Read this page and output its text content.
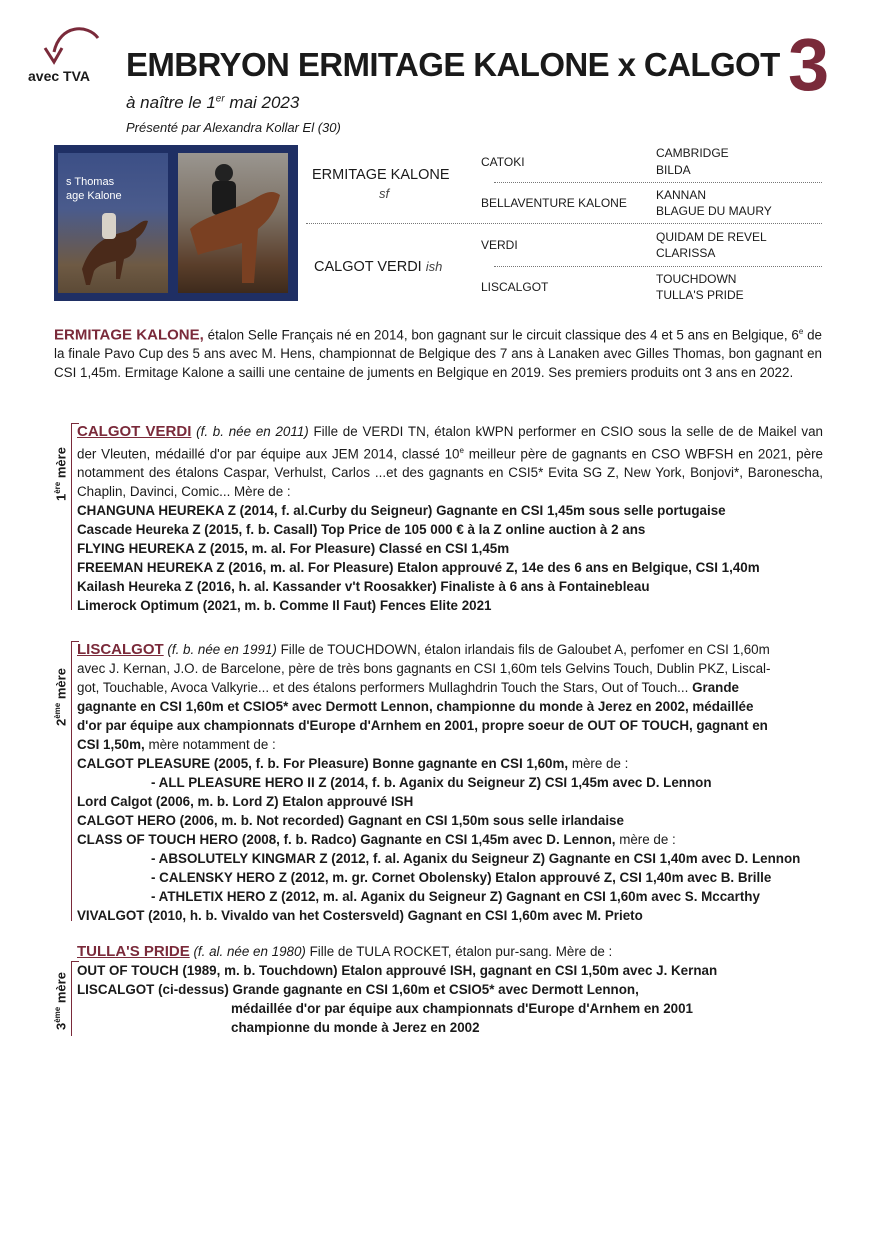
avec TVA EMBRYON ERMITAGE KALONE x CALGOT 3
à naître le 1er mai 2023
Présenté par Alexandra Kollar El (30)
s Thomas
age Kalone
ERMITAGE KALONE
sf
CALGOT VERDI ish
CATOKI
BELLAVENTURE KALONE
VERDI
LISCALGOT
CAMBRIDGE
BILDA
KANNAN
BLAGUE DU MAURY
QUIDAM DE REVEL
CLARISSA
TOUCHDOWN
TULLA'S PRIDE

ERMITAGE KALONE, étalon Selle Français né en 2014, bon gagnant sur le circuit classique des 4 et 5 ans en Belgique, 6e de la finale Pavo Cup des 5 ans avec M. Hens, championnat de Belgique des 7 ans à Lanaken avec Gilles Thomas, bon gagnant en CSI 1,45m. Ermitage Kalone a sailli une centaine de juments en Belgique en 2019. Ses premiers produits ont 3 ans en 2022.

1ère mère
CALGOT VERDI (f. b. née en 2011) Fille de VERDI TN, étalon kWPN performer en CSIO sous la selle de de Maikel van der Vleuten, médaillé d'or par équipe aux JEM 2014, classé 10e meilleur père de gagnants en CSO WBFSH en 2021, père notamment des étalons Caspar, Verhulst, Carlos ...et des gagnants en CSI5* Evita SG Z, New York, Bonjovi*, Baronescha, Chaplin, Davinci, Comic... Mère de :
CHANGUNA HEUREKA Z (2014, f. al.Curby du Seigneur) Gagnante en CSI 1,45m sous selle portugaise
Cascade Heureka Z (2015, f. b. Casall) Top Price de 105 000 € à la Z online auction à 2 ans
FLYING HEUREKA Z (2015, m. al. For Pleasure) Classé en CSI 1,45m
FREEMAN HEUREKA Z (2016, m. al. For Pleasure) Etalon approuvé Z, 14e des 6 ans en Belgique, CSI 1,40m
Kailash Heureka Z (2016, h. al. Kassander v't Roosakker) Finaliste à 6 ans à Fontainebleau
Limerock Optimum (2021, m. b. Comme Il Faut) Fences Elite 2021
2ème mère
LISCALGOT (f. b. née en 1991) Fille de TOUCHDOWN, étalon irlandais fils de Galoubet A, perfomer en CSI 1,60m
avec J. Kernan, J.O. de Barcelone, père de très bons gagnants en CSI 1,60m tels Gelvins Touch, Dublin PKZ, Liscal-
got, Touchable, Avoca Valkyrie... et des étalons performers Mullaghdrin Touch the Stars, Out of Touch... Grande
gagnante en CSI 1,60m et CSIO5* avec Dermott Lennon, championne du monde à Jerez en 2002, médaillée
d'or par équipe aux championnats d'Europe d'Arnhem en 2001, propre soeur de OUT OF TOUCH, gagnant en
CSI 1,50m, mère notamment de :
CALGOT PLEASURE (2005, f. b. For Pleasure) Bonne gagnante en CSI 1,60m, mère de :
- ALL PLEASURE HERO II Z (2014, f. b. Aganix du Seigneur Z) CSI 1,45m avec D. Lennon
Lord Calgot (2006, m. b. Lord Z) Etalon approuvé ISH
CALGOT HERO (2006, m. b. Not recorded) Gagnant en CSI 1,50m sous selle irlandaise
CLASS OF TOUCH HERO (2008, f. b. Radco) Gagnante en CSI 1,45m avec D. Lennon, mère de :
- ABSOLUTELY KINGMAR Z (2012, f. al. Aganix du Seigneur Z) Gagnante en CSI 1,40m avec D. Lennon
- CALENSKY HERO Z (2012, m. gr. Cornet Obolensky) Etalon approuvé Z, CSI 1,40m avec B. Brille
- ATHLETIX HERO Z (2012, m. al. Aganix du Seigneur Z) Gagnant en CSI 1,60m avec S. Mccarthy
VIVALGOT (2010, h. b. Vivaldo van het Costersveld) Gagnant en CSI 1,60m avec M. Prieto
3ème mère
TULLA'S PRIDE (f. al. née en 1980) Fille de TULA ROCKET, étalon pur-sang. Mère de :
OUT OF TOUCH (1989, m. b. Touchdown) Etalon approuvé ISH, gagnant en CSI 1,50m avec J. Kernan
LISCALGOT (ci-dessus) Grande gagnante en CSI 1,60m et CSIO5* avec Dermott Lennon,
médaillée d'or par équipe aux championnats d'Europe d'Arnhem en 2001
championne du monde à Jerez en 2002
